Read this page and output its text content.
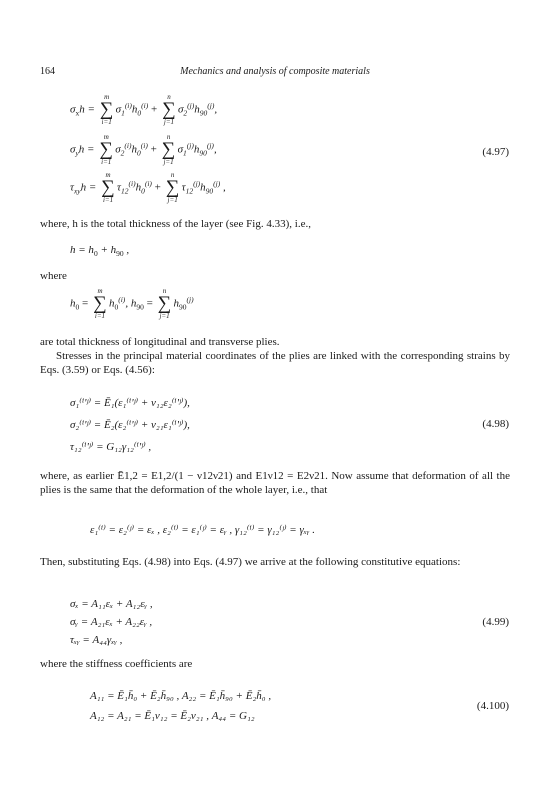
164	Mechanics and analysis of composite materials
$\sigma_xh$ =
m
∑
i=1
$\sigma_1^{(i)}h_0^{(i)}$ +
n
∑
j=1
$\sigma_2^{(j)}h_{90}^{(j)}$,
$\sigma_yh$ =
m
∑
i=1
$\sigma_2^{(i)}h_0^{(i)}$ +
n
∑
j=1
$\sigma_1^{(j)}h_{90}^{(j)}$,
$\tau_{xy}h$ =
m
∑
i=1
$\tau_{12}^{(i)}h_0^{(i)}$ +
n
∑
j=1
$\tau_{12}^{(j)}h_{90}^{(j)}$ ,
(4.97)
where, h is the total thickness of the layer (see Fig. 4.33), i.e.,
$h = h_0 + h_{90}$ ,
where
$h_0$ =
m
∑
i=1
$h_0^{(i)}$, $h_{90}$ =
n
∑
j=1
$h_{90}^{(j)}$
are total thickness of longitudinal and transverse plies.
Stresses in the principal material coordinates of the plies are linked with the corresponding strains by Eqs. (3.59) or Eqs. (4.56):
σ₁⁽ⁱ'ʲ⁾ = Ē₁(ε₁⁽ⁱ'ʲ⁾ + ν₁₂ε₂⁽ⁱ'ʲ⁾),
σ₂⁽ⁱ'ʲ⁾ = Ē₂(ε₂⁽ⁱ'ʲ⁾ + ν₂₁ε₁⁽ⁱ'ʲ⁾),
τ₁₂⁽ⁱ'ʲ⁾ = G₁₂γ₁₂⁽ⁱ'ʲ⁾ ,
(4.98)
where, as earlier Ē1,2 = E1,2/(1 − ν12ν21) and E1ν12 = E2ν21. Now assume that deformation of all the plies is the same that the deformation of the whole layer, i.e., that
ε₁⁽ⁱ⁾ = ε₂⁽ʲ⁾ = εₓ , ε₂⁽ⁱ⁾ = ε₁⁽ʲ⁾ = εᵧ , γ₁₂⁽ⁱ⁾ = γ₁₂⁽ʲ⁾ = γₓᵧ .
Then, substituting Eqs. (4.98) into Eqs. (4.97) we arrive at the following constitutive equations:
σₓ = A₁₁εₓ + A₁₂εᵧ ,
σᵧ = A₂₁εₓ + A₂₂εᵧ ,
τₓᵧ = A₄₄γₓᵧ ,
(4.99)
where the stiffness coefficients are
A₁₁ = Ē₁h̄₀ + Ē₂h̄₉₀ , A₂₂ = Ē₁h̄₉₀ + Ē₂h̄₀ ,
A₁₂ = A₂₁ = Ē₁ν₁₂ = Ē₂ν₂₁ , A₄₄ = G₁₂
(4.100)
